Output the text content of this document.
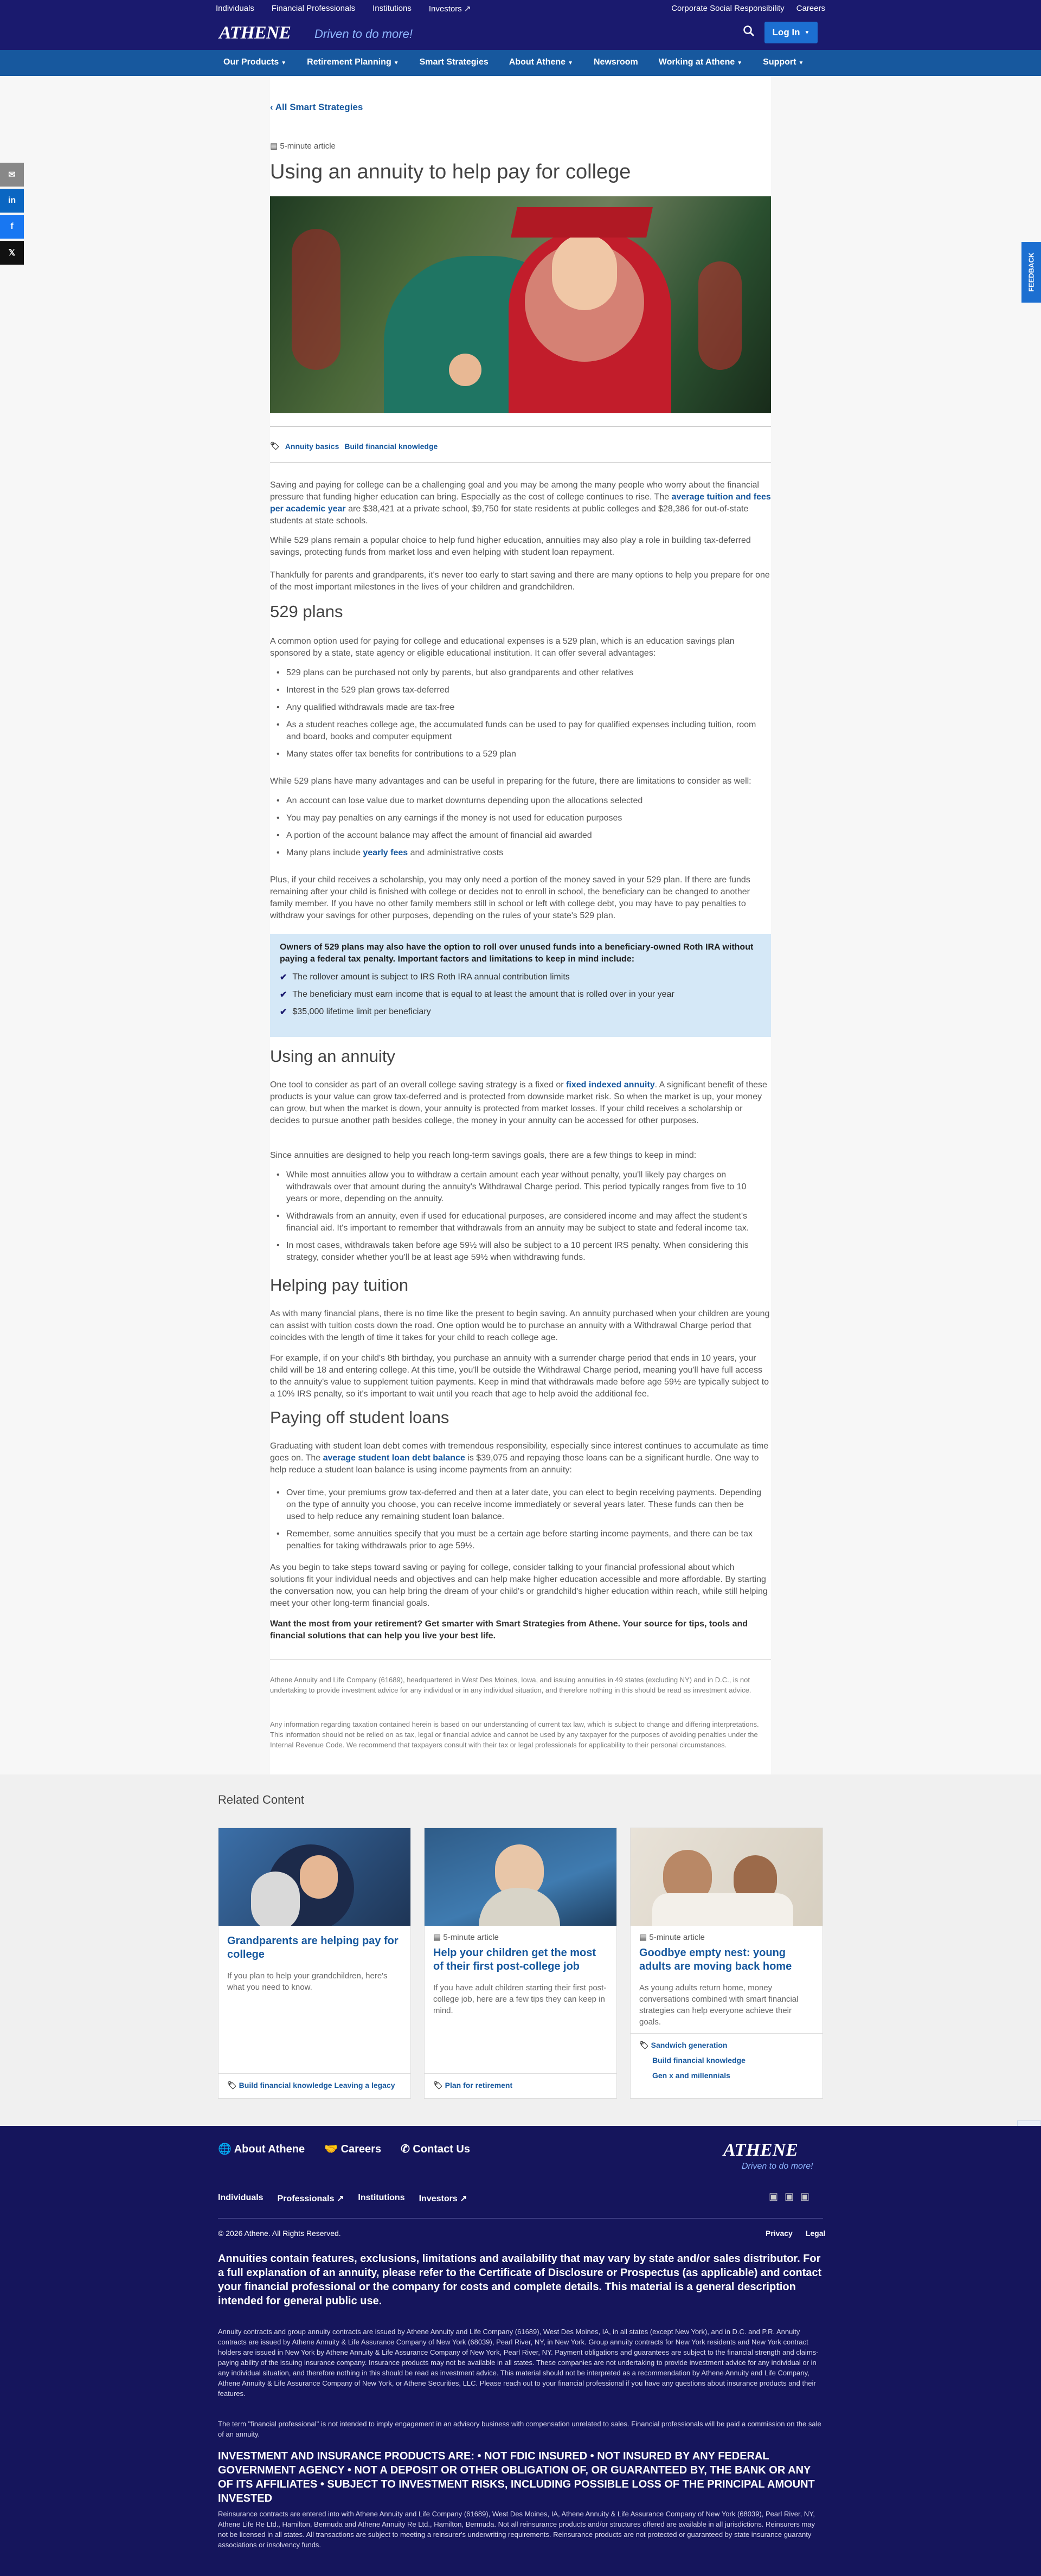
Individuals Financial Professionals Institutions Investors ↗	Corporate Social Responsibility Careers
ATHENE Driven to do more!	Log In ▼
Our Products ▼ Retirement Planning ▼ Smart Strategies About Athene ▼ Newsroom Working at Athene ▼ Support ▼
✉
in
f
𝕏	FEEDBACK
‹ All Smart Strategies
▤ 5-minute article
Using an annuity to help pay for college
🏷 Annuity basics Build financial knowledge

Saving and paying for college can be a challenging goal and you may be among the many people who worry about the financial pressure that funding higher education can bring. Especially as the cost of college continues to rise. The average tuition and fees per academic year are $38,421 at a private school, $9,750 for state residents at public colleges and $28,386 for out-of-state students at state schools.

While 529 plans remain a popular choice to help fund higher education, annuities may also play a role in building tax-deferred savings, protecting funds from market loss and even helping with student loan repayment.

Thankfully for parents and grandparents, it's never too early to start saving and there are many options to help you prepare for one of the most important milestones in the lives of your children and grandchildren.

529 plans

A common option used for paying for college and educational expenses is a 529 plan, which is an education savings plan sponsored by a state, state agency or eligible educational institution. It can offer several advantages:

• 529 plans can be purchased not only by parents, but also grandparents and other relatives
• Interest in the 529 plan grows tax-deferred
• Any qualified withdrawals made are tax-free
• As a student reaches college age, the accumulated funds can be used to pay for qualified expenses including tuition, room and board, books and computer equipment
• Many states offer tax benefits for contributions to a 529 plan

While 529 plans have many advantages and can be useful in preparing for the future, there are limitations to consider as well:

• An account can lose value due to market downturns depending upon the allocations selected
• You may pay penalties on any earnings if the money is not used for education purposes
• A portion of the account balance may affect the amount of financial aid awarded
• Many plans include yearly fees and administrative costs

Plus, if your child receives a scholarship, you may only need a portion of the money saved in your 529 plan. If there are funds remaining after your child is finished with college or decides not to enroll in school, the beneficiary can be changed to another family member. If you have no other family members still in school or left with college debt, you may have to pay penalties to withdraw your savings for other purposes, depending on the rules of your state's 529 plan.

Owners of 529 plans may also have the option to roll over unused funds into a beneficiary-owned Roth IRA without paying a federal tax penalty. Important factors and limitations to keep in mind include:
✔ The rollover amount is subject to IRS Roth IRA annual contribution limits
✔ The beneficiary must earn income that is equal to at least the amount that is rolled over in your year
✔ $35,000 lifetime limit per beneficiary
Using an annuity

One tool to consider as part of an overall college saving strategy is a fixed or fixed indexed annuity. A significant benefit of these products is your value can grow tax-deferred and is protected from downside market risk. So when the market is up, your money can grow, but when the market is down, your annuity is protected from market losses. If your child receives a scholarship or decides to pursue another path besides college, the money in your annuity can be accessed for other purposes.

Since annuities are designed to help you reach long-term savings goals, there are a few things to keep in mind:

• While most annuities allow you to withdraw a certain amount each year without penalty, you'll likely pay charges on withdrawals over that amount during the annuity's Withdrawal Charge period. This period typically ranges from five to 10 years or more, depending on the annuity.
• Withdrawals from an annuity, even if used for educational purposes, are considered income and may affect the student's financial aid. It's important to remember that withdrawals from an annuity may be subject to state and federal income tax.
• In most cases, withdrawals taken before age 59½ will also be subject to a 10 percent IRS penalty. When considering this strategy, consider whether you'll be at least age 59½ when withdrawing funds.
Helping pay tuition

As with many financial plans, there is no time like the present to begin saving. An annuity purchased when your children are young can assist with tuition costs down the road. One option would be to purchase an annuity with a Withdrawal Charge period that coincides with the length of time it takes for your child to reach college age.

For example, if on your child's 8th birthday, you purchase an annuity with a surrender charge period that ends in 10 years, your child will be 18 and entering college. At this time, you'll be outside the Withdrawal Charge period, meaning you'll have full access to the annuity's value to supplement tuition payments. Keep in mind that withdrawals made before age 59½ are typically subject to a 10% IRS penalty, so it's important to wait until you reach that age to help avoid the additional fee.

Paying off student loans

Graduating with student loan debt comes with tremendous responsibility, especially since interest continues to accumulate as time goes on. The average student loan debt balance is $39,075 and repaying those loans can be a significant hurdle. One way to help reduce a student loan balance is using income payments from an annuity:

• Over time, your premiums grow tax-deferred and then at a later date, you can elect to begin receiving payments. Depending on the type of annuity you choose, you can receive income immediately or several years later. These funds can then be used to help reduce any remaining student loan balance.
• Remember, some annuities specify that you must be a certain age before starting income payments, and there can be tax penalties for taking withdrawals prior to age 59½.

As you begin to take steps toward saving or paying for college, consider talking to your financial professional about which solutions fit your individual needs and objectives and can help make higher education accessible and more affordable. By starting the conversation now, you can help bring the dream of your child's or grandchild's higher education within reach, while still helping meet your other long-term financial goals.

Want the most from your retirement? Get smarter with Smart Strategies from Athene. Your source for tips, tools and financial solutions that can help you live your best life.

Athene Annuity and Life Company (61689), headquartered in West Des Moines, Iowa, and issuing annuities in 49 states (excluding NY) and in D.C., is not undertaking to provide investment advice for any individual or in any individual situation, and therefore nothing in this should be read as investment advice.

Any information regarding taxation contained herein is based on our understanding of current tax law, which is subject to change and differing interpretations. This information should not be relied on as tax, legal or financial advice and cannot be used by any taxpayer for the purposes of avoiding penalties under the Internal Revenue Code. We recommend that taxpayers consult with their tax or legal professionals for applicability to their personal circumstances.

Related Content
Grandparents are helping pay for college
If you plan to help your grandchildren, here's what you need to know.
🏷 Build financial knowledge Leaving a legacy
▤ 5-minute article
Help your children get the most of their first post-college job
If you have adult children starting their first post-college job, here are a few tips they can keep in mind.
🏷 Plan for retirement
▤ 5-minute article
Goodbye empty nest: young adults are moving back home
As young adults return home, money conversations combined with smart financial strategies can help everyone achieve their goals.
🏷 Sandwich generation
Build financial knowledge
Gen x and millennials
🌐 About Athene 🤝 Careers ✆ Contact Us	ATHENE
Driven to do more!
Individuals Professionals ↗ Institutions Investors ↗	▣ ▣ ▣
© 2026 Athene. All Rights Reserved.	Privacy Legal

Annuities contain features, exclusions, limitations and availability that may vary by state and/or sales distributor. For a full explanation of an annuity, please refer to the Certificate of Disclosure or Prospectus (as applicable) and contact your financial professional or the company for costs and complete details. This material is a general description intended for general public use.

Annuity contracts and group annuity contracts are issued by Athene Annuity and Life Company (61689), West Des Moines, IA, in all states (except New York), and in D.C. and P.R. Annuity contracts are issued by Athene Annuity & Life Assurance Company of New York (68039), Pearl River, NY, in New York. Group annuity contracts for New York residents and New York contract holders are issued in New York by Athene Annuity & Life Assurance Company of New York, Pearl River, NY. Payment obligations and guarantees are subject to the financial strength and claims-paying ability of the issuing insurance company. Insurance products may not be available in all states. These companies are not undertaking to provide investment advice for any individual or in any individual situation, and therefore nothing in this should be read as investment advice. This material should not be interpreted as a recommendation by Athene Annuity and Life Company, Athene Annuity & Life Assurance Company of New York, or Athene Securities, LLC. Please reach out to your financial professional if you have any questions about insurance products and their features.

The term "financial professional" is not intended to imply engagement in an advisory business with compensation unrelated to sales. Financial professionals will be paid a commission on the sale of an annuity.

INVESTMENT AND INSURANCE PRODUCTS ARE: • NOT FDIC INSURED • NOT INSURED BY ANY FEDERAL GOVERNMENT AGENCY • NOT A DEPOSIT OR OTHER OBLIGATION OF, OR GUARANTEED BY, THE BANK OR ANY OF ITS AFFILIATES • SUBJECT TO INVESTMENT RISKS, INCLUDING POSSIBLE LOSS OF THE PRINCIPAL AMOUNT INVESTED

Reinsurance contracts are entered into with Athene Annuity and Life Company (61689), West Des Moines, IA, Athene Annuity & Life Assurance Company of New York (68039), Pearl River, NY, Athene Life Re Ltd., Hamilton, Bermuda and Athene Annuity Re Ltd., Hamilton, Bermuda. Not all reinsurance products and/or structures offered are available in all jurisdictions. Reinsurers may not be licensed in all states. All transactions are subject to meeting a reinsurer's underwriting requirements. Reinsurance products are not protected or guaranteed by state insurance guaranty associations or insolvency funds.
